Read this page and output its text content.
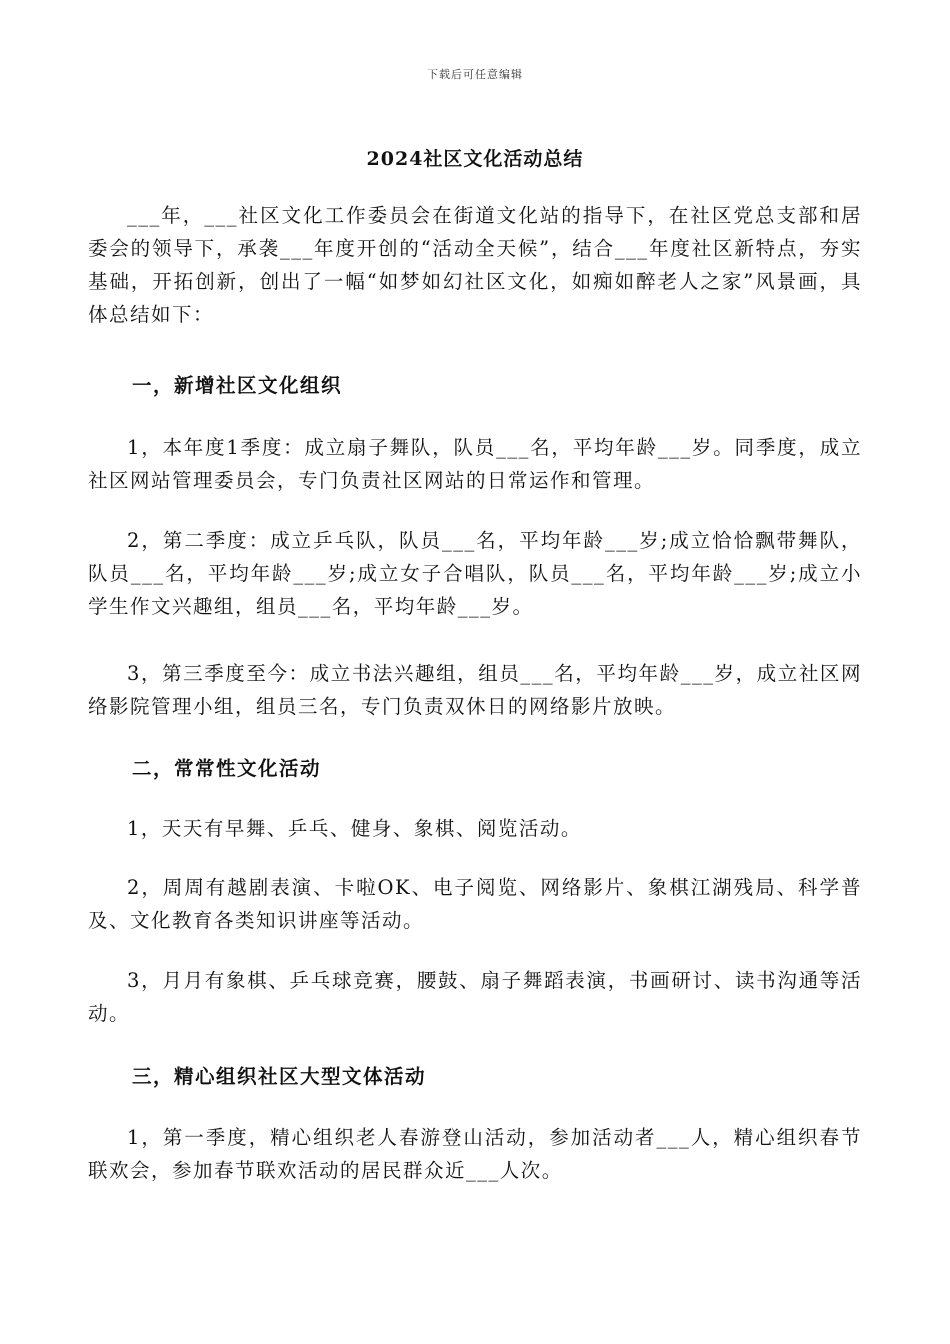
下载后可任意编辑
2024社区文化活动总结

___年，___社区文化工作委员会在街道文化站的指导下，在社区党总支部和居委会的领导下，承袭___年度开创的“活动全天候”，结合___年度社区新特点，夯实基础，开拓创新，创出了一幅“如梦如幻社区文化，如痴如醉老人之家”风景画，具体总结如下：

一，新增社区文化组织

1，本年度1季度：成立扇子舞队，队员___名，平均年龄___岁。同季度，成立社区网站管理委员会，专门负责社区网站的日常运作和管理。

2，第二季度：成立乒乓队，队员___名，平均年龄___岁;成立恰恰飘带舞队，队员___名，平均年龄___岁;成立女子合唱队，队员___名，平均年龄___岁;成立小学生作文兴趣组，组员___名，平均年龄___岁。

3，第三季度至今：成立书法兴趣组，组员___名，平均年龄___岁，成立社区网络影院管理小组，组员三名，专门负责双休日的网络影片放映。

二，常常性文化活动

1，天天有早舞、乒乓、健身、象棋、阅览活动。

2，周周有越剧表演、卡啦OK、电子阅览、网络影片、象棋江湖残局、科学普及、文化教育各类知识讲座等活动。

3，月月有象棋、乒乓球竞赛，腰鼓、扇子舞蹈表演，书画研讨、读书沟通等活动。

三，精心组织社区大型文体活动

1，第一季度，精心组织老人春游登山活动，参加活动者___人，精心组织春节联欢会，参加春节联欢活动的居民群众近___人次。
